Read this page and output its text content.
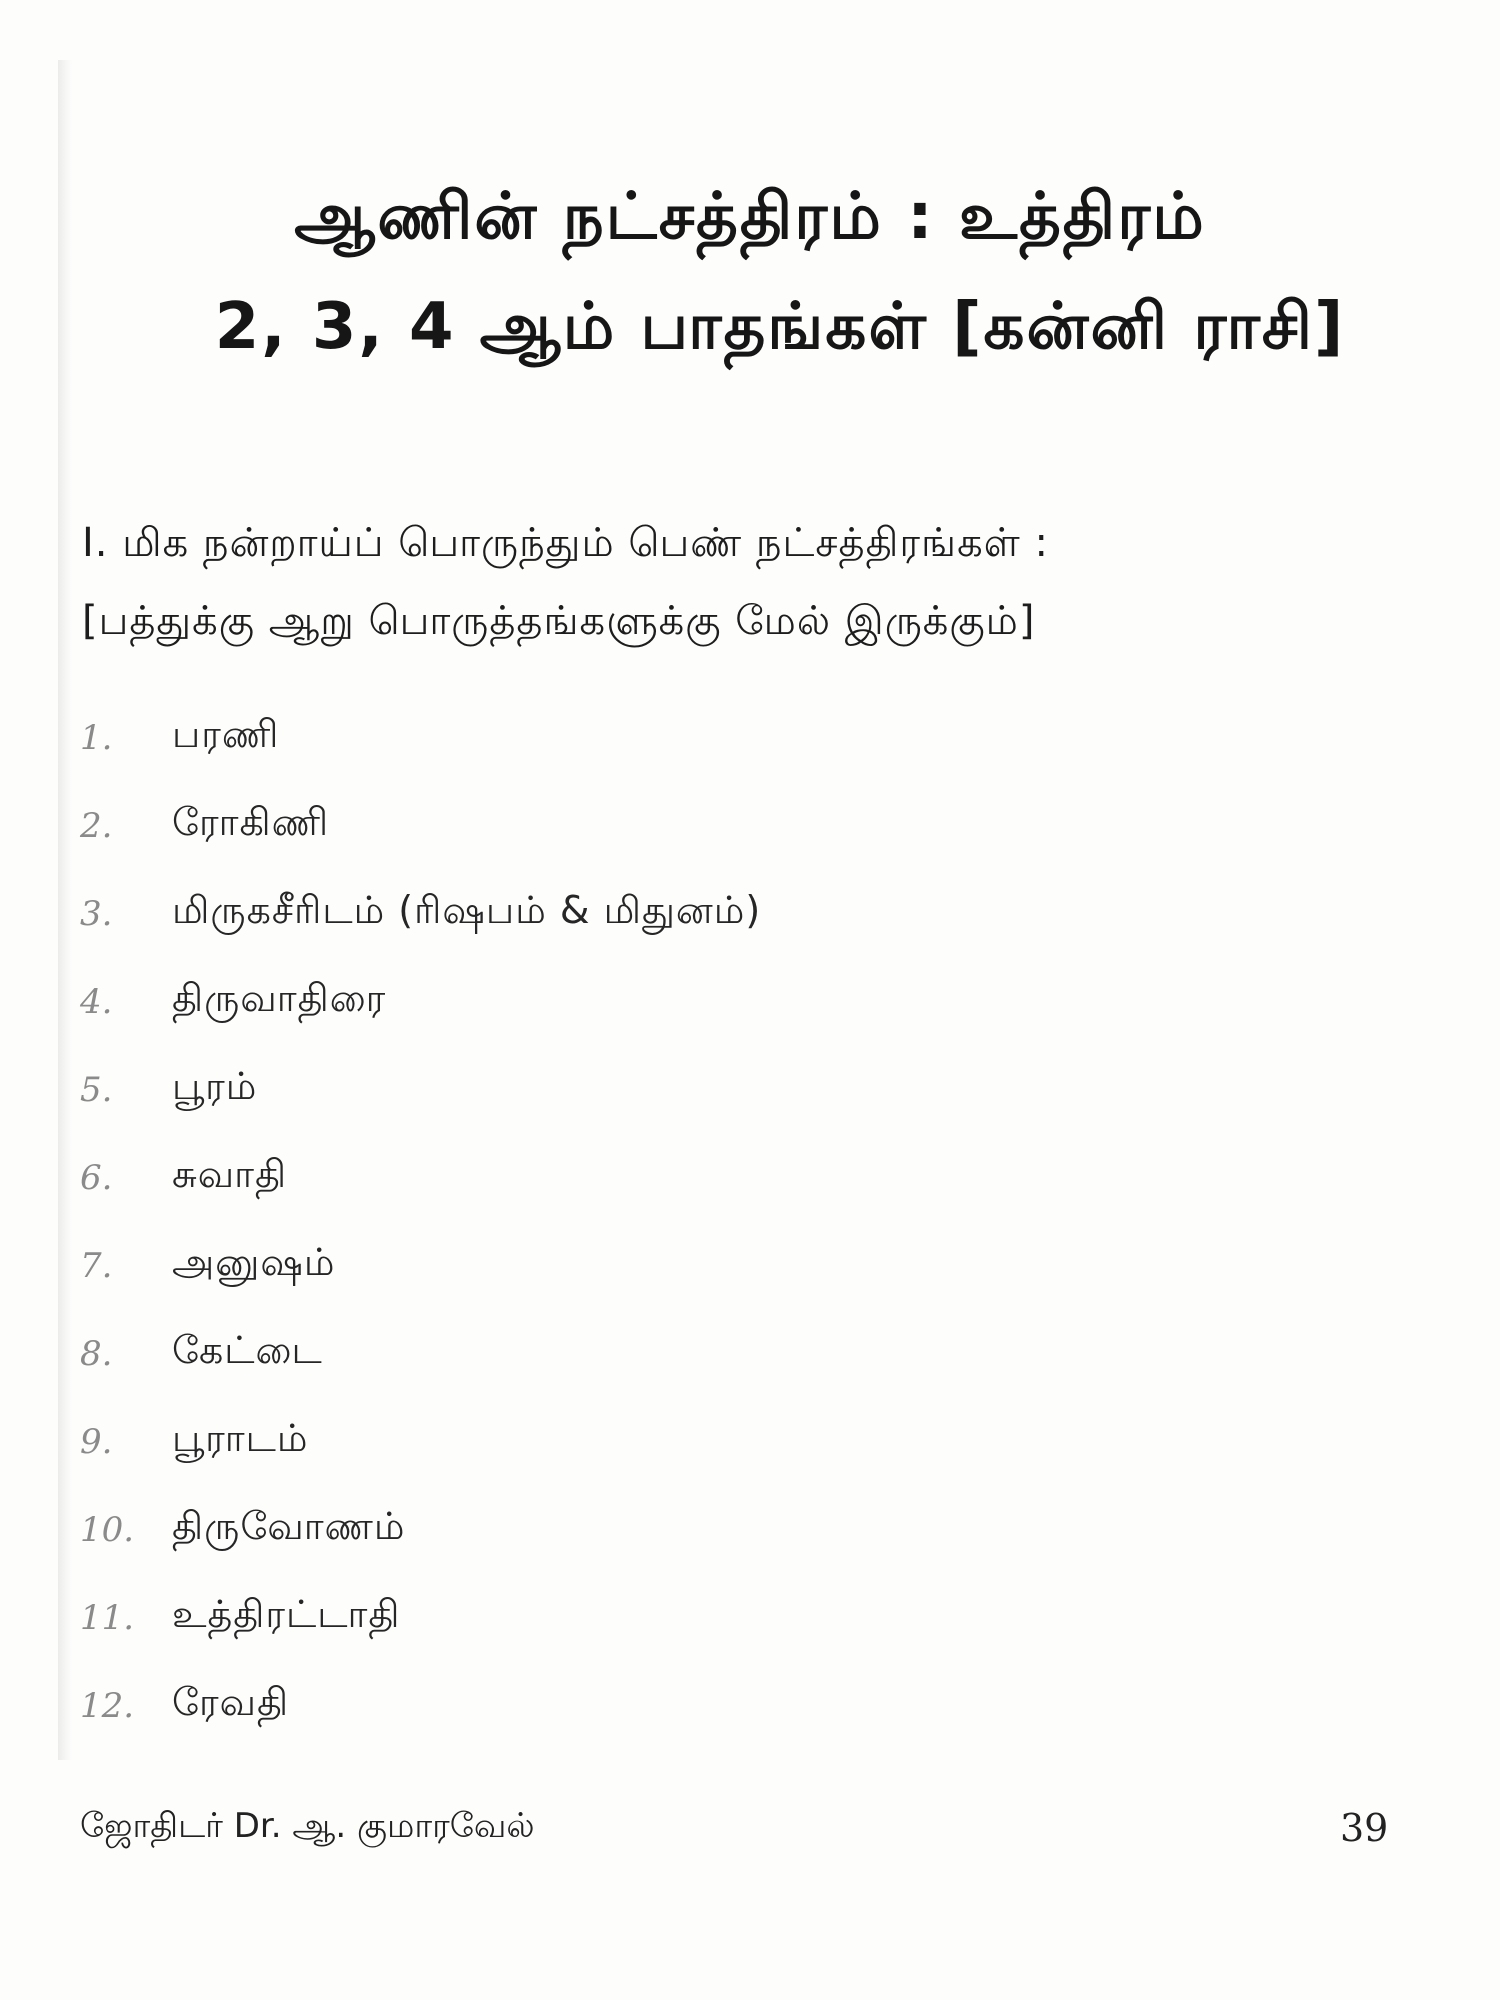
ஆணின் நட்சத்திரம் : உத்திரம்
2, 3, 4 ஆம் பாதங்கள் [கன்னி ராசி]
I. மிக நன்றாய்ப் பொருந்தும் பெண் நட்சத்திரங்கள் :
[பத்துக்கு ஆறு பொருத்தங்களுக்கு மேல் இருக்கும்]
1.	பரணி
2.	ரோகிணி
3.	மிருகசீரிடம் (ரிஷபம் & மிதுனம்)
4.	திருவாதிரை
5.	பூரம்
6.	சுவாதி
7.	அனுஷம்
8.	கேட்டை
9.	பூராடம்
10. திருவோணம்
11. உத்திரட்டாதி
12. ரேவதி
ஜோதிடர் Dr. ஆ. குமாரவேல்	39
